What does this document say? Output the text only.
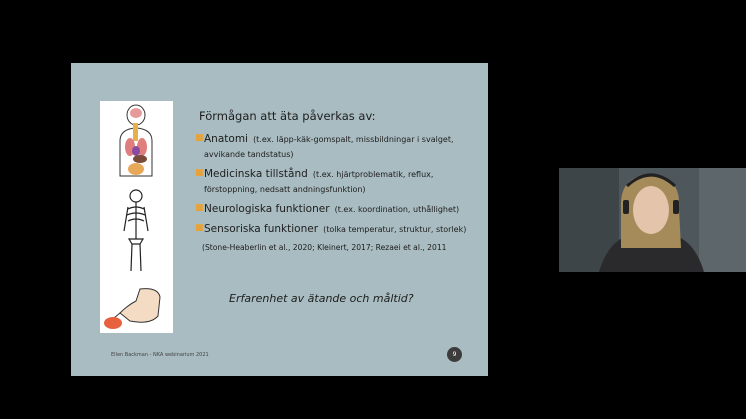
Förmågan att äta påverkas av:
■ Anatomi (t.ex. läpp-käk-gomspalt, missbildningar i svalget, avvikande tandstatus)
■ Medicinska tillstånd (t.ex. hjärtproblematik, reflux, förstoppning, nedsatt andningsfunktion)
■ Neurologiska funktioner (t.ex. koordination, uthållighet)
■ Sensoriska funktioner (tolka temperatur, struktur, storlek)
(Stone-Heaberlin et al., 2020; Kleinert, 2017; Rezaei et al., 2011
Erfarenhet av ätande och måltid?
Ellen Backman - NKA webinarium 2021	9
